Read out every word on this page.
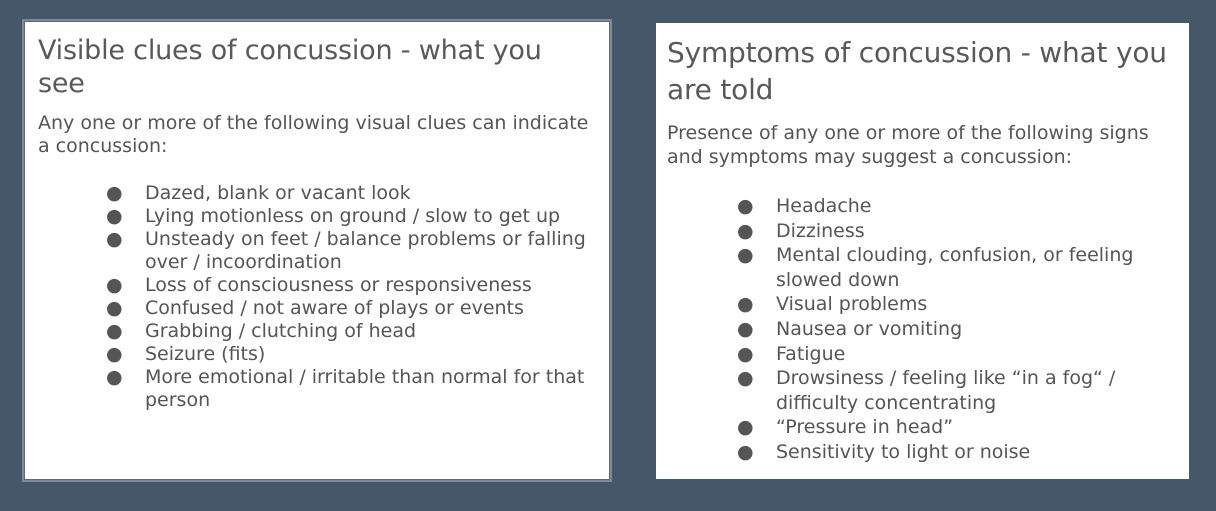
Visible clues of concussion - what you see

Any one or more of the following visual clues can indicate a concussion:

● Dazed, blank or vacant look
● Lying motionless on ground / slow to get up
● Unsteady on feet / balance problems or falling over / incoordination
● Loss of consciousness or responsiveness
● Confused / not aware of plays or events
● Grabbing / clutching of head
● Seizure (fits)
● More emotional / irritable than normal for that person
Symptoms of concussion - what you are told

Presence of any one or more of the following signs and symptoms may suggest a concussion:

● Headache
● Dizziness
● Mental clouding, confusion, or feeling slowed down
● Visual problems
● Nausea or vomiting
● Fatigue
● Drowsiness / feeling like “in a fog“ / difficulty concentrating
● “Pressure in head”
● Sensitivity to light or noise
